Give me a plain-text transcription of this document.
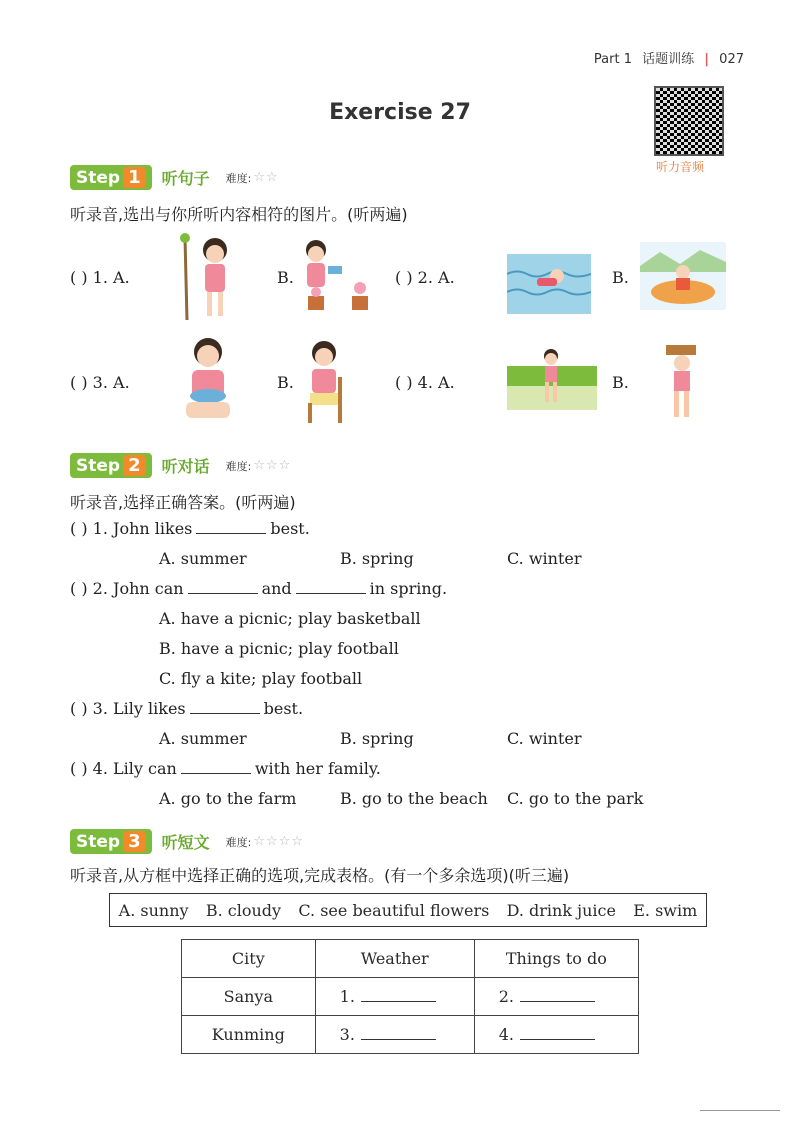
Part 1 话题训练 | 027
Exercise 27
听力音频
Step 1	听句子 难度: ☆☆
听录音,选出与你所听内容相符的图片。(听两遍)
( ) 1. A.	B.	( ) 2. A.	B.
( ) 3. A.	B.	( ) 4. A.	B.
Step 2	听对话 难度: ☆☆☆
听录音,选择正确答案。(听两遍)
( ) 1. John likes	best.
A. summer	B. spring	C. winter
( ) 2. John can	and	in spring.
A. have a picnic; play basketball
B. have a picnic; play football
C. fly a kite; play football
( ) 3. Lily likes	best.
A. summer	B. spring	C. winter
( ) 4. Lily can	with her family.
A. go to the farm	B. go to the beach C. go to the park
Step 3	听短文 难度: ☆☆☆☆
听录音,从方框中选择正确的选项,完成表格。(有一个多余选项)(听三遍)
A. sunny B. cloudy C. see beautiful flowers D. drink juice E. swim
City	Weather	Things to do
Sanya	1.	2.
Kunming	3.	4.
